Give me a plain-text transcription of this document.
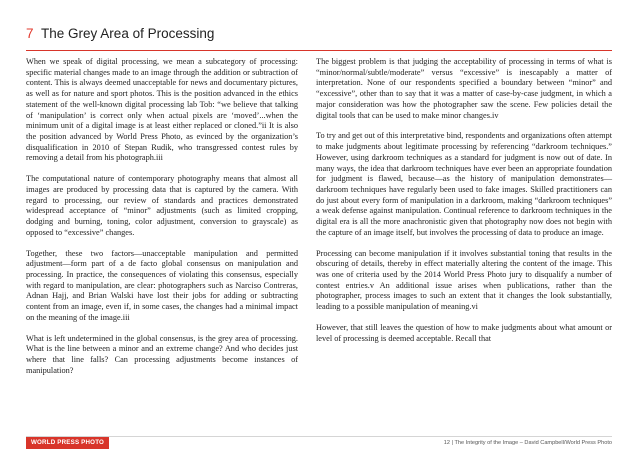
7 The Grey Area of Processing

When we speak of digital processing, we mean a subcategory of processing: specific material changes made to an image through the addition or subtraction of content. This is always deemed unacceptable for news and documentary pictures, as well as for nature and sport photos. This is the position advanced in the ethics statement of the well-known digital processing lab Tob: “we believe that talking of ‘manipulation’ is correct only when actual pixels are ‘moved’...when the minimum unit of a digital image is at least either replaced or cloned.”ii It is also the position advanced by World Press Photo, as evinced by the organization’s disqualification in 2010 of Stepan Rudik, who transgressed contest rules by removing a detail from his photograph.iii

The computational nature of contemporary photography means that almost all images are produced by processing data that is captured by the camera. With regard to processing, our review of standards and practices demonstrated widespread acceptance of “minor” adjustments (such as limited cropping, dodging and burning, toning, color adjustment, conversion to grayscale) as opposed to “excessive” changes.

Together, these two factors—unacceptable manipulation and permitted adjustment—form part of a de facto global consensus on manipulation and processing. In practice, the consequences of violating this consensus, especially with regard to manipulation, are clear: photographers such as Narciso Contreras, Adnan Hajj, and Brian Walski have lost their jobs for adding or subtracting content from an image, even if, in some cases, the changes had a minimal impact on the meaning of the image.iii

What is left undetermined in the global consensus, is the grey area of processing. What is the line between a minor and an extreme change? And who decides just where that line falls? Can processing adjustments become instances of manipulation?

The biggest problem is that judging the acceptability of processing in terms of what is “minor/normal/subtle/moderate” versus “excessive” is inescapably a matter of interpretation. None of our respondents specified a boundary between “minor” and “excessive”, other than to say that it was a matter of case-by-case judgment, in which a major consideration was how the photographer saw the scene. Few policies detail the digital tools that can be used to make minor changes.iv

To try and get out of this interpretative bind, respondents and organizations often attempt to make judgments about legitimate processing by referencing “darkroom techniques.” However, using darkroom techniques as a standard for judgment is now out of date. In many ways, the idea that darkroom techniques have ever been an appropriate foundation for judgment is flawed, because—as the history of manipulation demonstrates—darkroom techniques have regularly been used to fake images. Skilled practitioners can do just about every form of manipulation in a darkroom, making “darkroom techniques” a weak defense against manipulation. Continual reference to darkroom techniques in the digital era is all the more anachronistic given that photography now does not begin with the capture of an image itself, but involves the processing of data to produce an image.

Processing can become manipulation if it involves substantial toning that results in the obscuring of details, thereby in effect materially altering the content of the image. This was one of criteria used by the 2014 World Press Photo jury to disqualify a number of contest entries.v An additional issue arises when publications, rather than the photographer, process images to such an extent that it changes the look substantially, leading to a possible manipulation of meaning.vi

However, that still leaves the question of how to make judgments about what amount or level of processing is deemed acceptable. Recall that

WORLD PRESS PHOTO	12 | The Integrity of the Image – David Campbell/World Press Photo
